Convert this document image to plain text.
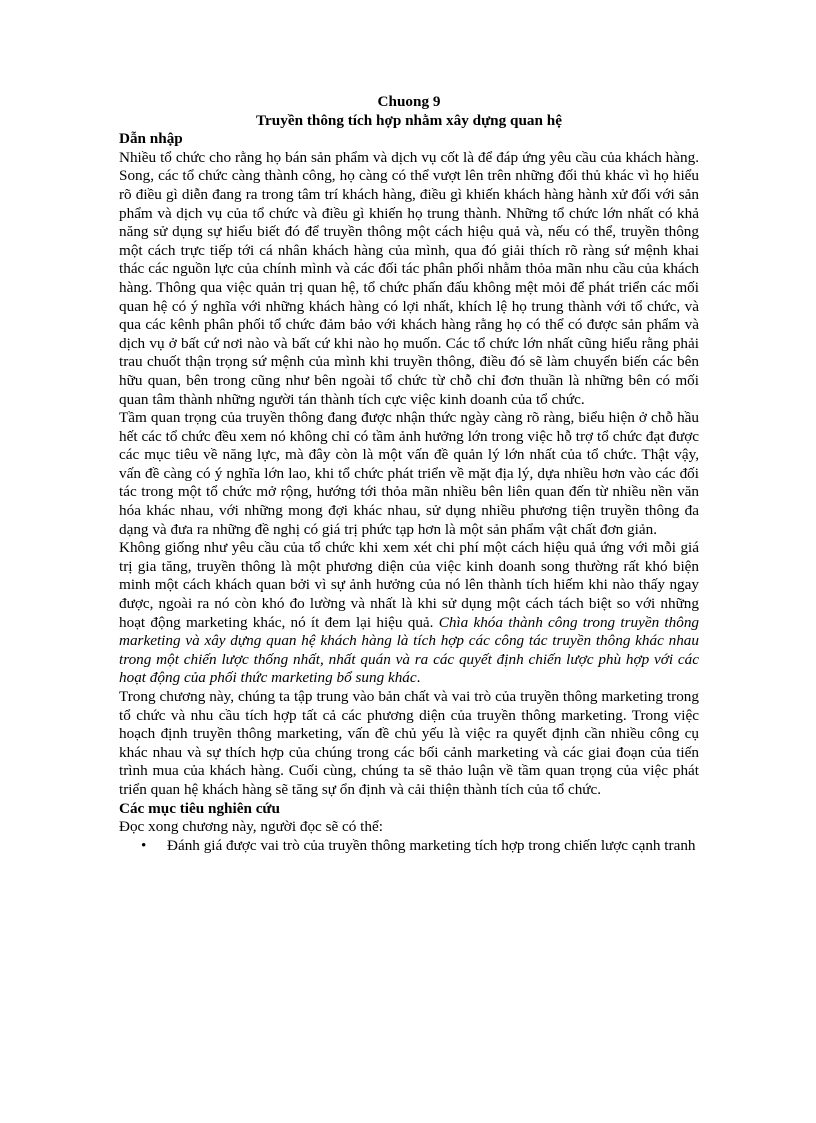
Chuong 9

Truyền thông tích hợp nhằm xây dựng quan hệ

Dẫn nhập

Nhiều tổ chức cho rằng họ bán sản phẩm và dịch vụ cốt là để đáp ứng yêu cầu của khách hàng. Song, các tổ chức càng thành công, họ càng có thể vượt lên trên những đối thủ khác vì họ hiểu rõ điều gì diễn đang ra trong tâm trí khách hàng, điều gì khiến khách hàng hành xử đối với sản phẩm và dịch vụ của tổ chức và điều gì khiến họ trung thành. Những tổ chức lớn nhất có khả năng sử dụng sự hiểu biết đó để truyền thông một cách hiệu quả và, nếu có thể, truyền thông một cách trực tiếp tới cá nhân khách hàng của mình, qua đó giải thích rõ ràng sứ mệnh khai thác các nguồn lực của chính mình và các đối tác phân phối nhằm thỏa mãn nhu cầu của khách hàng. Thông qua việc quản trị quan hệ, tổ chức phấn đấu không mệt mỏi để phát triển các mối quan hệ có ý nghĩa với những khách hàng có lợi nhất, khích lệ họ trung thành với tổ chức, và qua các kênh phân phối tổ chức đảm bảo với khách hàng rằng họ có thể có được sản phẩm và dịch vụ ở bất cứ nơi nào và bất cứ khi nào họ muốn. Các tổ chức lớn nhất cũng hiểu rằng phải trau chuốt thận trọng sứ mệnh của mình khi truyền thông, điều đó sẽ làm chuyển biến các bên hữu quan, bên trong cũng như bên ngoài tổ chức từ chỗ chỉ đơn thuần là những bên có mối quan tâm thành những người tán thành tích cực việc kinh doanh của tổ chức.

Tầm quan trọng của truyền thông đang được nhận thức ngày càng rõ ràng, biểu hiện ở chỗ hầu hết các tổ chức đều xem nó không chỉ có tầm ảnh hưởng lớn trong việc hỗ trợ tổ chức đạt được các mục tiêu về năng lực, mà đây còn là một vấn đề quản lý lớn nhất của tổ chức. Thật vậy, vấn đề càng có ý nghĩa lớn lao, khi tổ chức phát triển về mặt địa lý, dựa nhiều hơn vào các đối tác trong một tổ chức mở rộng, hướng tới thỏa mãn nhiều bên liên quan đến từ nhiều nền văn hóa khác nhau, với những mong đợi khác nhau, sử dụng nhiều phương tiện truyền thông đa dạng và đưa ra những đề nghị có giá trị phức tạp hơn là một sản phẩm vật chất đơn giản.

Không giống như yêu cầu của tổ chức khi xem xét chi phí một cách hiệu quả ứng với mỗi giá trị gia tăng, truyền thông là một phương diện của việc kinh doanh song thường rất khó biện minh một cách khách quan bởi vì sự ảnh hưởng của nó lên thành tích hiếm khi nào thấy ngay được, ngoài ra nó còn khó đo lường và nhất là khi sử dụng một cách tách biệt so với những hoạt động marketing khác, nó ít đem lại hiệu quả. Chìa khóa thành công trong truyền thông marketing và xây dựng quan hệ khách hàng là tích hợp các công tác truyền thông khác nhau trong một chiến lược thống nhất, nhất quán và ra các quyết định chiến lược phù hợp với các hoạt động của phối thức marketing bổ sung khác.

Trong chương này, chúng ta tập trung vào bản chất và vai trò của truyền thông marketing trong tổ chức và nhu cầu tích hợp tất cả các phương diện của truyền thông marketing. Trong việc hoạch định truyền thông marketing, vấn đề chủ yếu là việc ra quyết định cần nhiều công cụ khác nhau và sự thích hợp của chúng trong các bối cảnh marketing và các giai đoạn của tiến trình mua của khách hàng. Cuối cùng, chúng ta sẽ thảo luận về tầm quan trọng của việc phát triển quan hệ khách hàng sẽ tăng sự ổn định và cải thiện thành tích của tổ chức.

Các mục tiêu nghiên cứu

Đọc xong chương này, người đọc sẽ có thể:

• Đánh giá được vai trò của truyền thông marketing tích hợp trong chiến lược cạnh tranh
